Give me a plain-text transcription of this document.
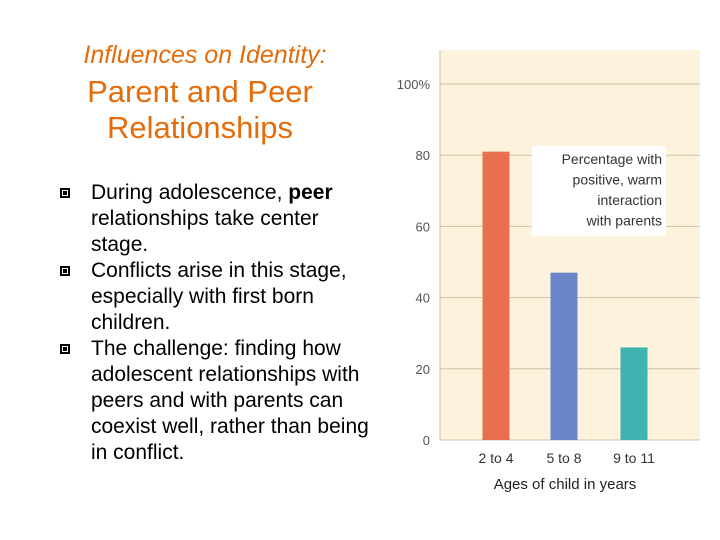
Influences on Identity:
Parent and Peer Relationships
During adolescence, peer relationships take center stage.
Conflicts arise in this stage, especially with first born children.
The challenge: finding how adolescent relationships with peers and with parents can coexist well, rather than being in conflict.
0
20
40
60
80
100%
2 to 4 5 to 8 9 to 11
Ages of child in years
Percentage with
positive, warm
interaction
with parents
